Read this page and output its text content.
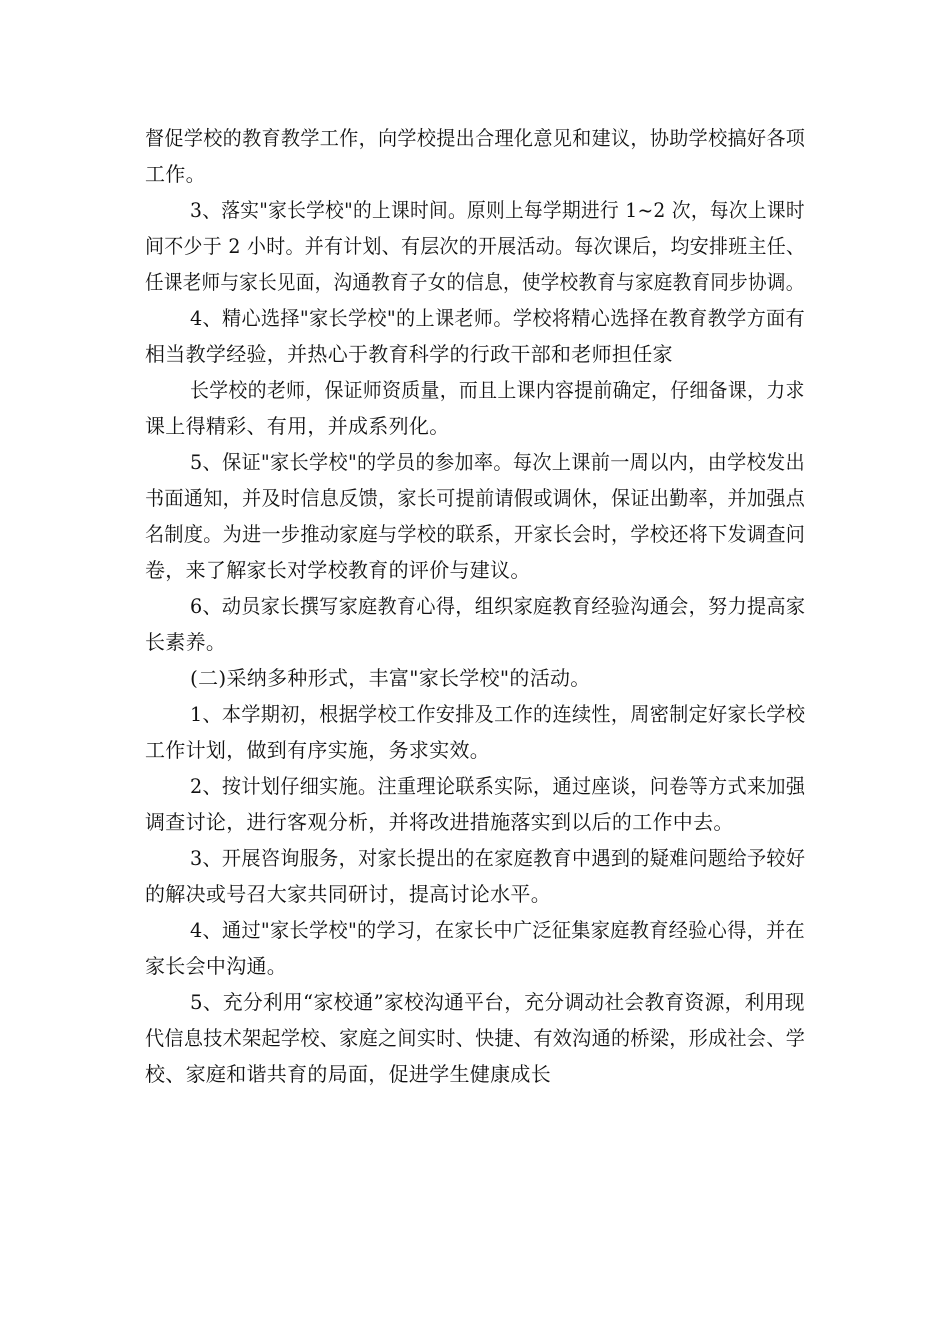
督促学校的教育教学工作，向学校提出合理化意见和建议，协助学校搞好各项
工作。
3、落实"家长学校"的上课时间。原则上每学期进行 1~2 次，每次上课时
间不少于 2 小时。并有计划、有层次的开展活动。每次课后，均安排班主任、
任课老师与家长见面，沟通教育子女的信息，使学校教育与家庭教育同步协调。
4、精心选择"家长学校"的上课老师。学校将精心选择在教育教学方面有
相当教学经验，并热心于教育科学的行政干部和老师担任家
长学校的老师，保证师资质量，而且上课内容提前确定，仔细备课，力求
课上得精彩、有用，并成系列化。
5、保证"家长学校"的学员的参加率。每次上课前一周以内，由学校发出
书面通知，并及时信息反馈，家长可提前请假或调休，保证出勤率，并加强点
名制度。为进一步推动家庭与学校的联系，开家长会时，学校还将下发调查问
卷，来了解家长对学校教育的评价与建议。
6、动员家长撰写家庭教育心得，组织家庭教育经验沟通会，努力提高家
长素养。
(二)采纳多种形式，丰富"家长学校"的活动。
1、本学期初，根据学校工作安排及工作的连续性，周密制定好家长学校
工作计划，做到有序实施，务求实效。
2、按计划仔细实施。注重理论联系实际，通过座谈，问卷等方式来加强
调查讨论，进行客观分析，并将改进措施落实到以后的工作中去。
3、开展咨询服务，对家长提出的在家庭教育中遇到的疑难问题给予较好
的解决或号召大家共同研讨，提高讨论水平。
4、通过"家长学校"的学习，在家长中广泛征集家庭教育经验心得，并在
家长会中沟通。
5、充分利用“家校通”家校沟通平台，充分调动社会教育资源，利用现
代信息技术架起学校、家庭之间实时、快捷、有效沟通的桥梁，形成社会、学
校、家庭和谐共育的局面，促进学生健康成长
